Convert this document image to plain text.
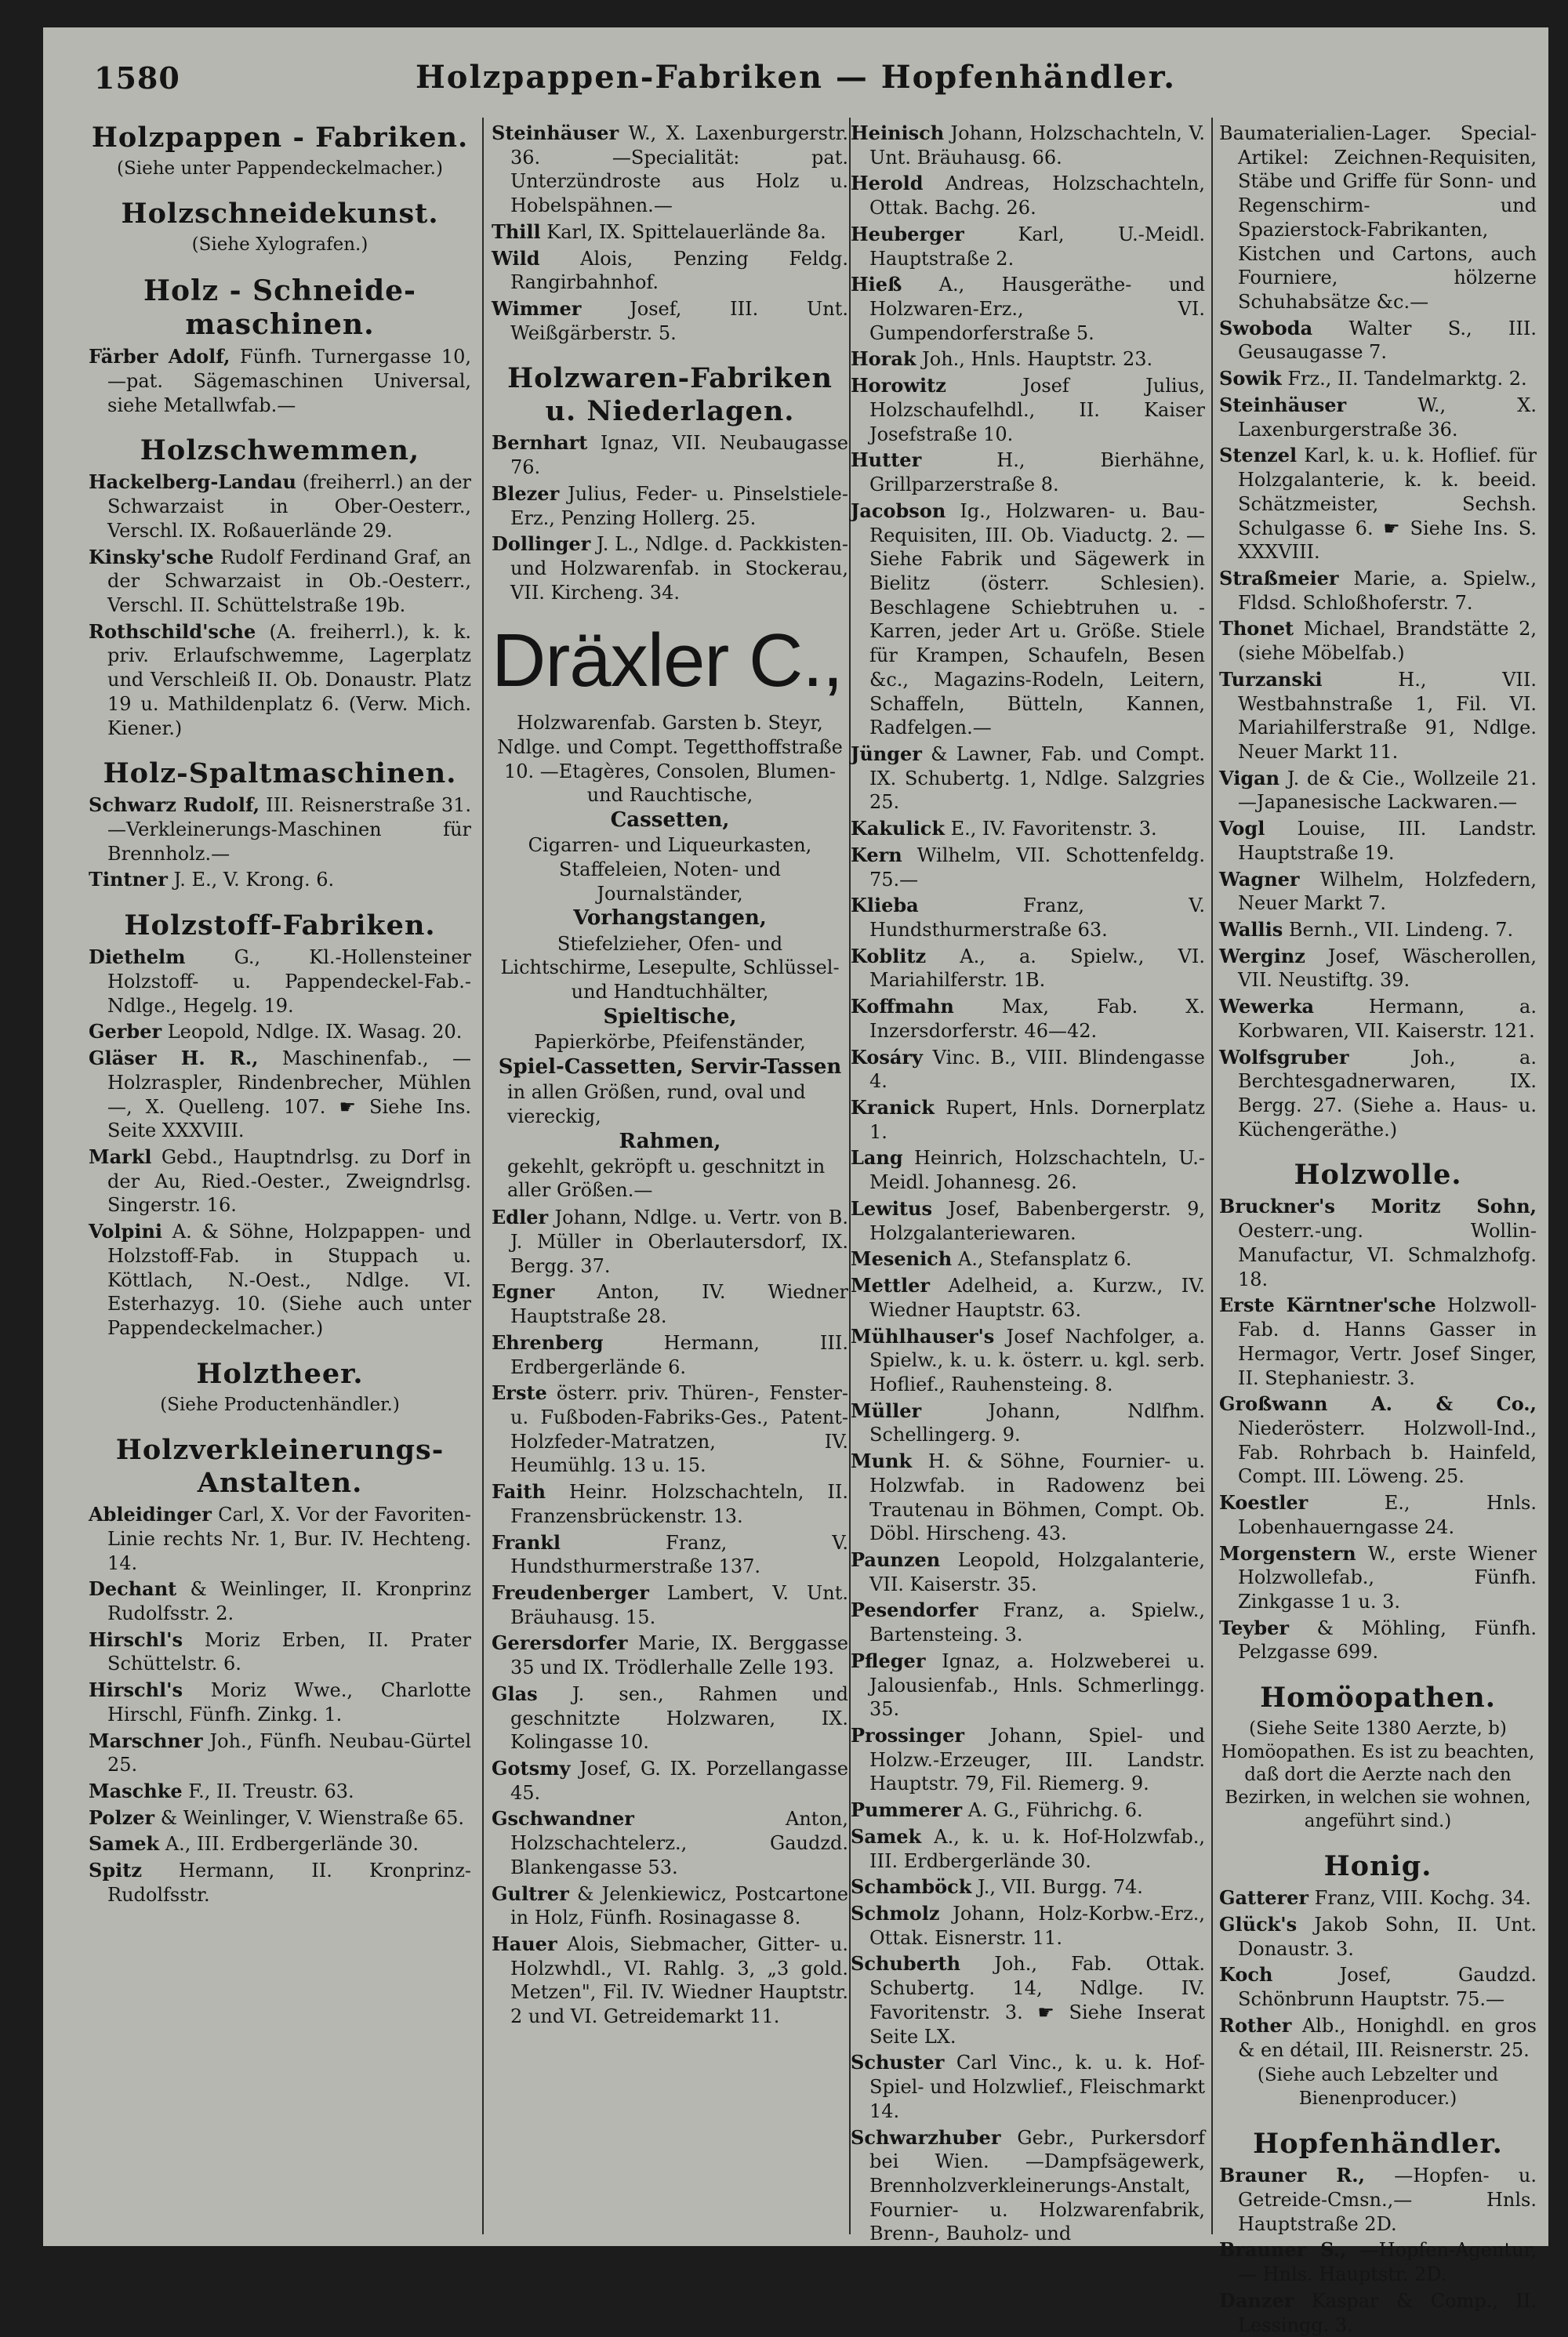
1580	Holzpappen-Fabriken — Hopfenhändler.
Holzpappen - Fabriken.
(Siehe unter Pappendeckelmacher.)
Holzschneidekunst.
(Siehe Xylografen.)
Holz - Schneide-maschinen.
Färber Adolf, Fünfh. Turnergasse 10, —pat. Sägemaschinen Universal, siehe Metallwfab.—
Holzschwemmen,
Hackelberg-Landau (freiherrl.) an der Schwarzaist in Ober-Oesterr., Verschl. IX. Roßauerlände 29.
Kinsky'sche Rudolf Ferdinand Graf, an der Schwarzaist in Ob.-Oesterr., Verschl. II. Schüttelstraße 19b.
Rothschild'sche (A. freiherrl.), k. k. priv. Erlaufschwemme, Lagerplatz und Verschleiß II. Ob. Donaustr. Platz 19 u. Mathildenplatz 6. (Verw. Mich. Kiener.)
Holz-Spaltmaschinen.
Schwarz Rudolf, III. Reisnerstraße 31. —Verkleinerungs-Maschinen für Brennholz.—
Tintner J. E., V. Krong. 6.
Holzstoff-Fabriken.
Diethelm G., Kl.-Hollensteiner Holzstoff- u. Pappendeckel-Fab.-Ndlge., Hegelg. 19.
Gerber Leopold, Ndlge. IX. Wasag. 20.
Gläser H. R., Maschinenfab., —Holzraspler, Rindenbrecher, Mühlen—, X. Quelleng. 107. ☛ Siehe Ins. Seite XXXVIII.
Markl Gebd., Hauptndrlsg. zu Dorf in der Au, Ried.-Oester., Zweigndrlsg. Singerstr. 16.
Volpini A. & Söhne, Holzpappen- und Holzstoff-Fab. in Stuppach u. Köttlach, N.-Oest., Ndlge. VI. Esterhazyg. 10. (Siehe auch unter Pappendeckelmacher.)
Holztheer.
(Siehe Productenhändler.)
Holzverkleinerungs-Anstalten.
Ableidinger Carl, X. Vor der Favoriten-Linie rechts Nr. 1, Bur. IV. Hechteng. 14.
Dechant & Weinlinger, II. Kronprinz Rudolfsstr. 2.
Hirschl's Moriz Erben, II. Prater Schüttelstr. 6.
Hirschl's Moriz Wwe., Charlotte Hirschl, Fünfh. Zinkg. 1.
Marschner Joh., Fünfh. Neubau-Gürtel 25.
Maschke F., II. Treustr. 63.
Polzer & Weinlinger, V. Wienstraße 65.
Samek A., III. Erdbergerlände 30.
Spitz Hermann, II. Kronprinz-Rudolfsstr.
Steinhäuser W., X. Laxenburgerstr. 36. —Specialität: pat. Unterzündroste aus Holz u. Hobelspähnen.—
Thill Karl, IX. Spittelauerlände 8a.
Wild Alois, Penzing Feldg. Rangirbahnhof.
Wimmer Josef, III. Unt. Weißgärberstr. 5.
Holzwaren-Fabriken u. Niederlagen.
Bernhart Ignaz, VII. Neubaugasse 76.
Blezer Julius, Feder- u. Pinselstiele-Erz., Penzing Hollerg. 25.
Dollinger J. L., Ndlge. d. Packkisten- und Holzwarenfab. in Stockerau, VII. Kircheng. 34.
Dräxler C.,
Holzwarenfab. Garsten b. Steyr, Ndlge. und Compt. Tegetthoffstraße 10. —Etagères, Consolen, Blumen- und Rauchtische,
Cassetten,
Cigarren- und Liqueurkasten, Staffeleien, Noten- und Journalständer,
Vorhangstangen,
Stiefelzieher, Ofen- und Lichtschirme, Lesepulte, Schlüssel- und Handtuchhälter,
Spieltische,
Papierkörbe, Pfeifenständer,
Spiel-Cassetten, Servir-Tassen
in allen Größen, rund, oval und viereckig,
Rahmen,
gekehlt, gekröpft u. geschnitzt in aller Größen.—
Edler Johann, Ndlge. u. Vertr. von B. J. Müller in Oberlautersdorf, IX. Bergg. 37.
Egner Anton, IV. Wiedner Hauptstraße 28.
Ehrenberg Hermann, III. Erdbergerlände 6.
Erste österr. priv. Thüren-, Fenster- u. Fußboden-Fabriks-Ges., Patent-Holzfeder-Matratzen, IV. Heumühlg. 13 u. 15.
Faith Heinr. Holzschachteln, II. Franzensbrückenstr. 13.
Frankl Franz, V. Hundsthurmerstraße 137.
Freudenberger Lambert, V. Unt. Bräuhausg. 15.
Gerersdorfer Marie, IX. Berggasse 35 und IX. Trödlerhalle Zelle 193.
Glas J. sen., Rahmen und geschnitzte Holzwaren, IX. Kolingasse 10.
Gotsmy Josef, G. IX. Porzellangasse 45.
Gschwandner Anton, Holzschachtelerz., Gaudzd. Blankengasse 53.
Gultrer & Jelenkiewicz, Postcartone in Holz, Fünfh. Rosinagasse 8.
Hauer Alois, Siebmacher, Gitter- u. Holzwhdl., VI. Rahlg. 3, „3 gold. Metzen", Fil. IV. Wiedner Hauptstr. 2 und VI. Getreidemarkt 11.
Heinisch Johann, Holzschachteln, V. Unt. Bräuhausg. 66.
Herold Andreas, Holzschachteln, Ottak. Bachg. 26.
Heuberger Karl, U.-Meidl. Hauptstraße 2.
Hieß A., Hausgeräthe- und Holzwaren-Erz., VI. Gumpendorferstraße 5.
Horak Joh., Hnls. Hauptstr. 23.
Horowitz Josef Julius, Holzschaufelhdl., II. Kaiser Josefstraße 10.
Hutter H., Bierhähne, Grillparzerstraße 8.
Jacobson Ig., Holzwaren- u. Bau-Requisiten, III. Ob. Viaductg. 2. —Siehe Fabrik und Sägewerk in Bielitz (österr. Schlesien). Beschlagene Schiebtruhen u. -Karren, jeder Art u. Größe. Stiele für Krampen, Schaufeln, Besen &c., Magazins-Rodeln, Leitern, Schaffeln, Bütteln, Kannen, Radfelgen.—
Jünger & Lawner, Fab. und Compt. IX. Schubertg. 1, Ndlge. Salzgries 25.
Kakulick E., IV. Favoritenstr. 3.
Kern Wilhelm, VII. Schottenfeldg. 75.—
Klieba Franz, V. Hundsthurmerstraße 63.
Koblitz A., a. Spielw., VI. Mariahilferstr. 1B.
Koffmahn Max, Fab. X. Inzersdorferstr. 46—42.
Kosáry Vinc. B., VIII. Blindengasse 4.
Kranick Rupert, Hnls. Dornerplatz 1.
Lang Heinrich, Holzschachteln, U.-Meidl. Johannesg. 26.
Lewitus Josef, Babenbergerstr. 9, Holzgalanteriewaren.
Mesenich A., Stefansplatz 6.
Mettler Adelheid, a. Kurzw., IV. Wiedner Hauptstr. 63.
Mühlhauser's Josef Nachfolger, a. Spielw., k. u. k. österr. u. kgl. serb. Hoflief., Rauhensteing. 8.
Müller Johann, Ndlfhm. Schellingerg. 9.
Munk H. & Söhne, Fournier- u. Holzwfab. in Radowenz bei Trautenau in Böhmen, Compt. Ob. Döbl. Hirscheng. 43.
Paunzen Leopold, Holzgalanterie, VII. Kaiserstr. 35.
Pesendorfer Franz, a. Spielw., Bartensteing. 3.
Pfleger Ignaz, a. Holzweberei u. Jalousienfab., Hnls. Schmerlingg. 35.
Prossinger Johann, Spiel- und Holzw.-Erzeuger, III. Landstr. Hauptstr. 79, Fil. Riemerg. 9.
Pummerer A. G., Führichg. 6.
Samek A., k. u. k. Hof-Holzwfab., III. Erdbergerlände 30.
Schamböck J., VII. Burgg. 74.
Schmolz Johann, Holz-Korbw.-Erz., Ottak. Eisnerstr. 11.
Schuberth Joh., Fab. Ottak. Schubertg. 14, Ndlge. IV. Favoritenstr. 3. ☛ Siehe Inserat Seite LX.
Schuster Carl Vinc., k. u. k. Hof-Spiel- und Holzwlief., Fleischmarkt 14.
Schwarzhuber Gebr., Purkersdorf bei Wien. —Dampfsägewerk, Brennholzverkleinerungs-Anstalt, Fournier- u. Holzwarenfabrik, Brenn-, Bauholz- und
Baumaterialien-Lager. Special-Artikel: Zeichnen-Requisiten, Stäbe und Griffe für Sonn- und Regenschirm- und Spazierstock-Fabrikanten, Kistchen und Cartons, auch Fourniere, hölzerne Schuhabsätze &c.—
Swoboda Walter S., III. Geusaugasse 7.
Sowik Frz., II. Tandelmarktg. 2.
Steinhäuser W., X. Laxenburgerstraße 36.
Stenzel Karl, k. u. k. Hoflief. für Holzgalanterie, k. k. beeid. Schätzmeister, Sechsh. Schulgasse 6. ☛ Siehe Ins. S. XXXVIII.
Straßmeier Marie, a. Spielw., Fldsd. Schloßhoferstr. 7.
Thonet Michael, Brandstätte 2, (siehe Möbelfab.)
Turzanski H., VII. Westbahnstraße 1, Fil. VI. Mariahilferstraße 91, Ndlge. Neuer Markt 11.
Vigan J. de & Cie., Wollzeile 21. —Japanesische Lackwaren.—
Vogl Louise, III. Landstr. Hauptstraße 19.
Wagner Wilhelm, Holzfedern, Neuer Markt 7.
Wallis Bernh., VII. Lindeng. 7.
Werginz Josef, Wäscherollen, VII. Neustiftg. 39.
Wewerka Hermann, a. Korbwaren, VII. Kaiserstr. 121.
Wolfsgruber Joh., a. Berchtesgadnerwaren, IX. Bergg. 27. (Siehe a. Haus- u. Küchengeräthe.)
Holzwolle.
Bruckner's Moritz Sohn, Oesterr.-ung. Wollin-Manufactur, VI. Schmalzhofg. 18.
Erste Kärntner'sche Holzwoll-Fab. d. Hanns Gasser in Hermagor, Vertr. Josef Singer, II. Stephaniestr. 3.
Großwann A. & Co., Niederösterr. Holzwoll-Ind., Fab. Rohrbach b. Hainfeld, Compt. III. Löweng. 25.
Koestler E., Hnls. Lobenhauerngasse 24.
Morgenstern W., erste Wiener Holzwollefab., Fünfh. Zinkgasse 1 u. 3.
Teyber & Möhling, Fünfh. Pelzgasse 699.
Homöopathen.
(Siehe Seite 1380 Aerzte, b) Homöopathen. Es ist zu beachten, daß dort die Aerzte nach den Bezirken, in welchen sie wohnen, angeführt sind.)
Honig.
Gatterer Franz, VIII. Kochg. 34.
Glück's Jakob Sohn, II. Unt. Donaustr. 3.
Koch Josef, Gaudzd. Schönbrunn Hauptstr. 75.—
Rother Alb., Honighdl. en gros & en détail, III. Reisnerstr. 25.
(Siehe auch Lebzelter und Bienenproducer.)
Hopfenhändler.
Brauner R., —Hopfen- u. Getreide-Cmsn.,— Hnls. Hauptstraße 2D.
Brauner S., —Hopfen-Agentur,— Hnls. Hauptstr. 2D.
Danzer Kaspar & Comp., II. Lessingg. 3.
